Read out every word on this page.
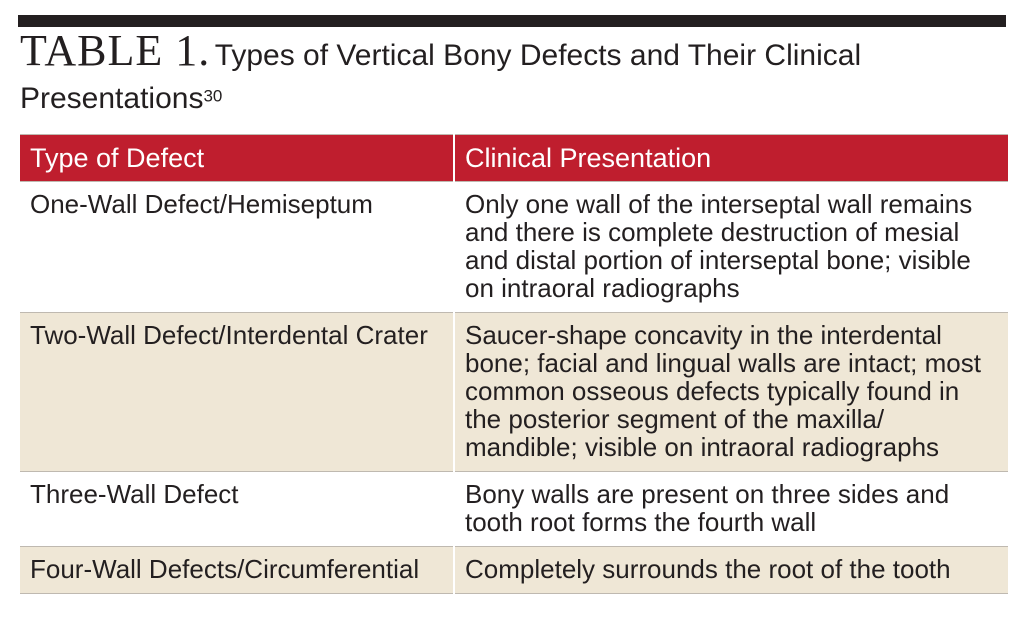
TABLE 1. Types of Vertical Bony Defects and Their Clinical Presentations$^{30}$
Type of Defect	Clinical Presentation
One-Wall Defect/Hemiseptum	Only one wall of the interseptal wall remains and there is complete destruction of mesial and distal portion of interseptal bone; visible on intraoral radiographs
Two-Wall Defect/Interdental Crater	Saucer-shape concavity in the interdental bone; facial and lingual walls are intact; most common osseous defects typically found in the posterior segment of the maxilla/ mandible; visible on intraoral radiographs
Three-Wall Defect	Bony walls are present on three sides and tooth root forms the fourth wall
Four-Wall Defects/Circumferential	Completely surrounds the root of the tooth
